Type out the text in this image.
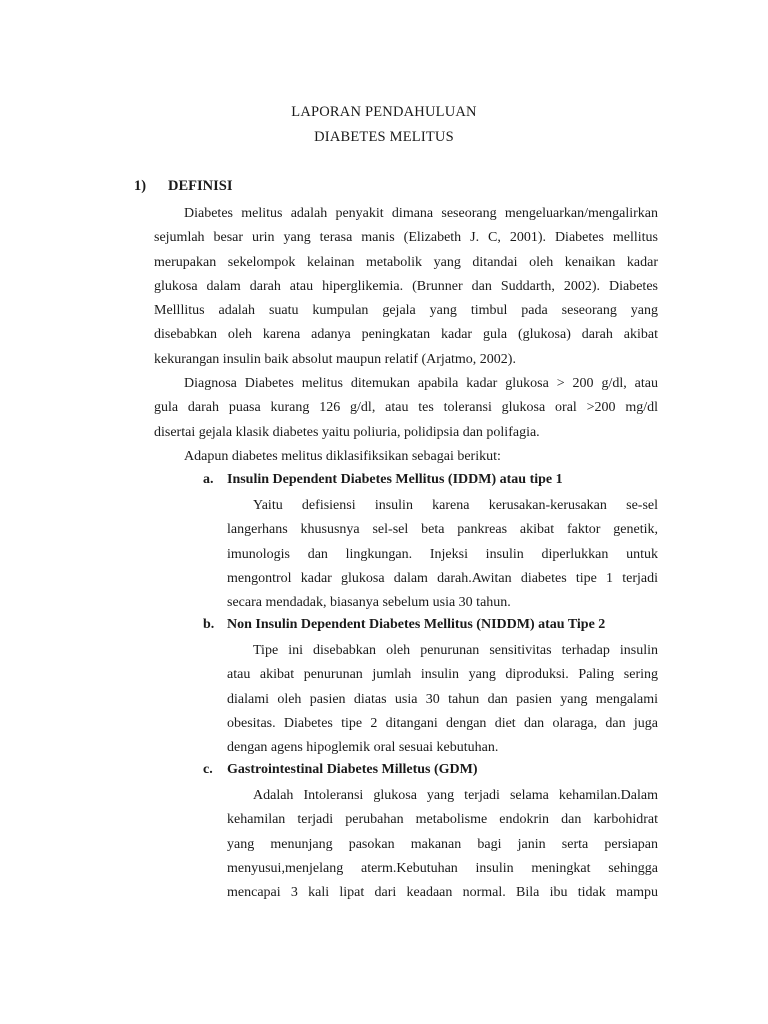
LAPORAN PENDAHULUAN
DIABETES MELITUS
1) DEFINISI
Diabetes melitus adalah penyakit dimana seseorang mengeluarkan/mengalirkan
sejumlah besar urin yang terasa manis (Elizabeth J. C, 2001). Diabetes mellitus
merupakan sekelompok kelainan metabolik yang ditandai oleh kenaikan kadar
glukosa dalam darah atau hiperglikemia. (Brunner dan Suddarth, 2002). Diabetes
Melllitus adalah suatu kumpulan gejala yang timbul pada seseorang yang
disebabkan oleh karena adanya peningkatan kadar gula (glukosa) darah akibat
kekurangan insulin baik absolut maupun relatif (Arjatmo, 2002).
Diagnosa Diabetes melitus ditemukan apabila kadar glukosa > 200 g/dl, atau
gula darah puasa kurang 126 g/dl, atau tes toleransi glukosa oral >200 mg/dl
disertai gejala klasik diabetes yaitu poliuria, polidipsia dan polifagia.
Adapun diabetes melitus diklasifiksikan sebagai berikut:
a. Insulin Dependent Diabetes Mellitus (IDDM) atau tipe 1
Yaitu defisiensi insulin karena kerusakan-kerusakan se-sel
langerhans khususnya sel-sel beta pankreas akibat faktor genetik,
imunologis dan lingkungan. Injeksi insulin diperlukkan untuk
mengontrol kadar glukosa dalam darah.Awitan diabetes tipe 1 terjadi
secara mendadak, biasanya sebelum usia 30 tahun.
b. Non Insulin Dependent Diabetes Mellitus (NIDDM) atau Tipe 2
Tipe ini disebabkan oleh penurunan sensitivitas terhadap insulin
atau akibat penurunan jumlah insulin yang diproduksi. Paling sering
dialami oleh pasien diatas usia 30 tahun dan pasien yang mengalami
obesitas. Diabetes tipe 2 ditangani dengan diet dan olaraga, dan juga
dengan agens hipoglemik oral sesuai kebutuhan.
c. Gastrointestinal Diabetes Milletus (GDM)
Adalah Intoleransi glukosa yang terjadi selama kehamilan.Dalam
kehamilan terjadi perubahan metabolisme endokrin dan karbohidrat
yang menunjang pasokan makanan bagi janin serta persiapan
menyusui,menjelang aterm.Kebutuhan insulin meningkat sehingga
mencapai 3 kali lipat dari keadaan normal. Bila ibu tidak mampu
